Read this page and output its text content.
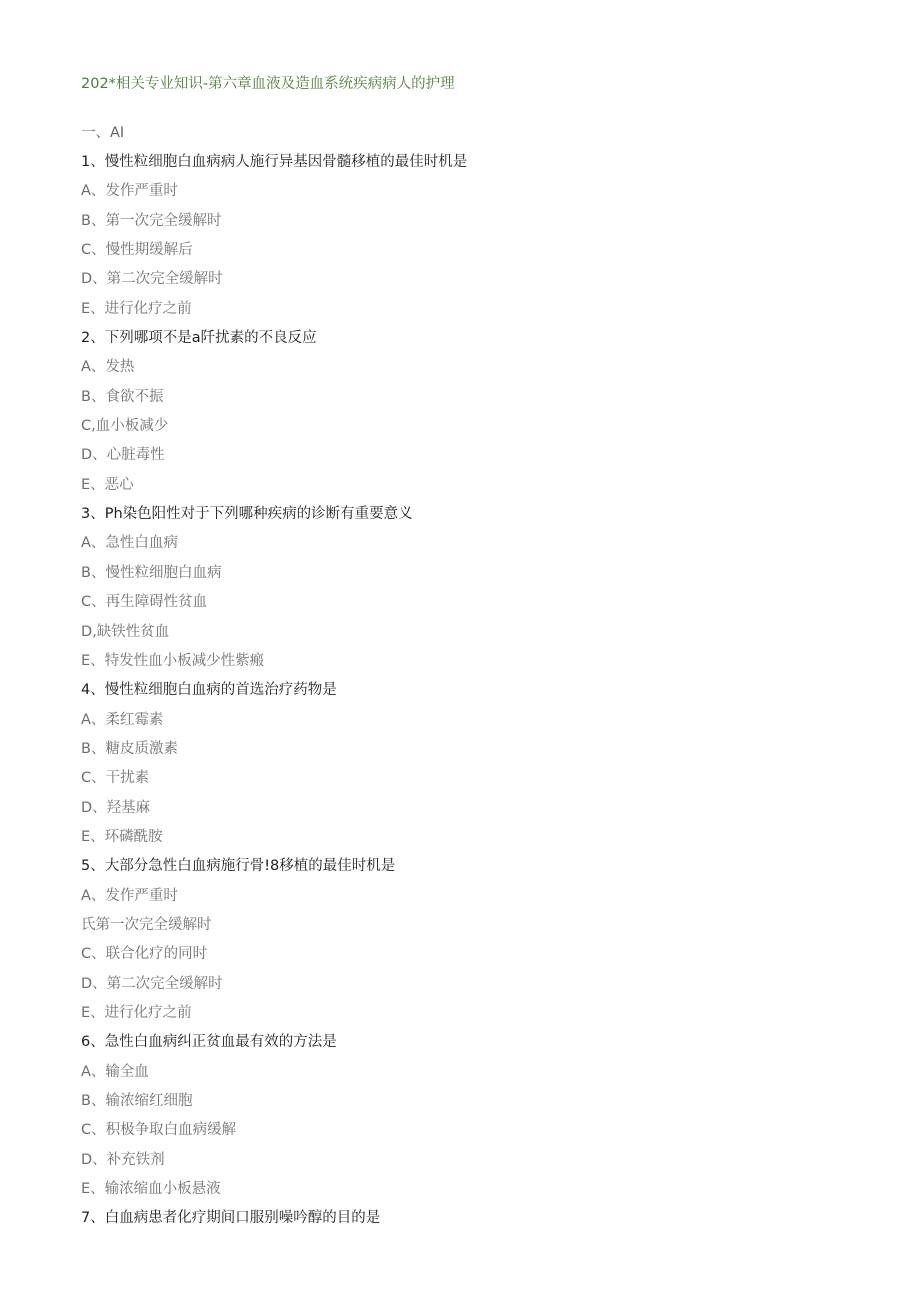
202*相关专业知识-第六章血液及造血系统疾病病人的护理
一、AI
1、慢性粒细胞白血病病人施行异基因骨髓移植的最佳时机是
A、发作严重时
B、第一次完全缓解时
C、慢性期缓解后
D、第二次完全缓解时
E、进行化疗之前
2、下列哪项不是a阡扰素的不良反应
A、发热
B、食欲不振
C,血小板减少
D、心脏毒性
E、恶心
3、Ph染色阳性对于下列哪种疾病的诊断有重要意义
A、急性白血病
B、慢性粒细胞白血病
C、再生障碍性贫血
D,缺铁性贫血
E、特发性血小板减少性紫瘢
4、慢性粒细胞白血病的首选治疗药物是
A、柔红霉素
B、糖皮质激素
C、干扰素
D、羟基麻
E、环磷酰胺
5、大部分急性白血病施行骨!8移植的最佳时机是
A、发作严重时
氏第一次完全缓解时
C、联合化疗的同时
D、第二次完全缓解时
E、进行化疗之前
6、急性白血病纠正贫血最有效的方法是
A、输全血
B、输浓缩红细胞
C、积极争取白血病缓解
D、补充铁剂
E、输浓缩血小板悬液
7、白血病患者化疗期间口服别噪吟醇的目的是
